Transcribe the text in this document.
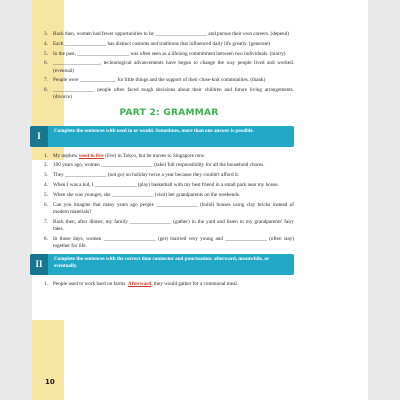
3. Back then, women had fewer opportunities to be ____________________ and pursue their own careers. (depend)
4. Each ________________ has distinct customs and traditions that influenced daily life greatly. (generate)
5. In the past, ____________________ was often seen as a lifelong commitment between two individuals. (marry)
6. __________________, technological advancements have begun to change the way people lived and worked. (eventual)
7. People were ______________ for little things and the support of their close-knit communities. (thank)
8. ________________ people often faced tough decisions about their children and future living arrangements. (divorce)
PART 2: GRAMMAR
I
Complete the sentences with used to or would. Sometimes, more than one answer is possible.
1. My nephew used to live (live) in Tokyo, but he moves to Singapore now.
2. 100 years ago, women ____________________ (take) full responsibility for all the household chores.
3. They ________________ (not go) on holiday twice a year because they couldn't afford it.
4. When I was a kid, I ________________ (play) basketball with my best friend in a small park near my house.
5. When she was younger, she ________________ (visit) her grandparents on the weekends.
6. Can you imagine that many years ago people ________________ (build) houses using clay bricks instead of modern materials?
7. Back then, after dinner, my family ________________ (gather) in the yard and listen to my grandparents' fairy tales.
8. In those days, women ____________________ (get) married very young and ________________ (often stay) together for life.
II
Complete the sentences with the correct time connector and punctuation: afterward, meanwhile, or eventually.
1. People used to work hard on farms. Afterward, they would gather for a communal meal.
10
